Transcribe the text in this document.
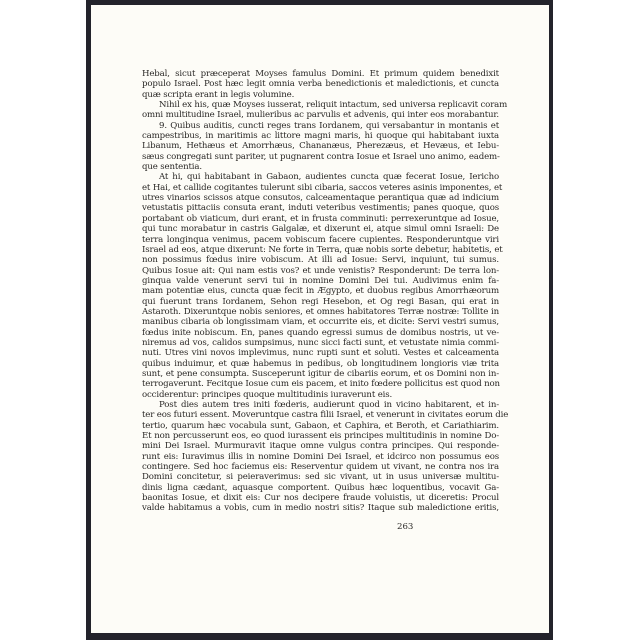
Hebal, sicut præceperat Moyses famulus Domini. Et primum quidem benedixit
populo Israel. Post hæc legit omnia verba benedictionis et maledictionis, et cuncta
quæ scripta erant in legis volumine.
Nihil ex his, quæ Moyses iusserat, reliquit intactum, sed universa replicavit coram
omni multitudine Israel, mulieribus ac parvulis et advenis, qui inter eos morabantur.
9. Quibus auditis, cuncti reges trans Iordanem, qui versabantur in montanis et
campestribus, in maritimis ac littore magni maris, hi quoque qui habitabant iuxta
Libanum, Hethæus et Amorrhæus, Chananæus, Pherezæus, et Hevæus, et Iebu-
sæus congregati sunt pariter, ut pugnarent contra Iosue et Israel uno animo, eadem-
que sententia.
At hi, qui habitabant in Gabaon, audientes cuncta quæ fecerat Iosue, Iericho
et Hai, et callide cogitantes tulerunt sibi cibaria, saccos veteres asinis imponentes, et
utres vinarios scissos atque consutos, calceamentaque perantiqua quæ ad indicium
vetustatis pittaciis consuta erant, induti veteribus vestimentis; panes quoque, quos
portabant ob viaticum, duri erant, et in frusta comminuti: perrexeruntque ad Iosue,
qui tunc morabatur in castris Galgalæ, et dixerunt ei, atque simul omni Israeli: De
terra longinqua venimus, pacem vobiscum facere cupientes. Responderuntque viri
Israel ad eos, atque dixerunt: Ne forte in Terra, quæ nobis sorte debetur, habitetis, et
non possimus fœdus inire vobiscum. At illi ad Iosue: Servi, inquiunt, tui sumus.
Quibus Iosue ait: Qui nam estis vos? et unde venistis? Responderunt: De terra lon-
ginqua valde venerunt servi tui in nomine Domini Dei tui. Audivimus enim fa-
mam potentiæ eius, cuncta quæ fecit in Ægypto, et duobus regibus Amorrhæorum
qui fuerunt trans Iordanem, Sehon regi Hesebon, et Og regi Basan, qui erat in
Astaroth. Dixeruntque nobis seniores, et omnes habitatores Terræ nostræ: Tollite in
manibus cibaria ob longissimam viam, et occurrite eis, et dicite: Servi vestri sumus,
fœdus inite nobiscum. En, panes quando egressi sumus de domibus nostris, ut ve-
niremus ad vos, calidos sumpsimus, nunc sicci facti sunt, et vetustate nimia commi-
nuti. Utres vini novos implevimus, nunc rupti sunt et soluti. Vestes et calceamenta
quibus induimur, et quæ habemus in pedibus, ob longitudinem longioris viæ trita
sunt, et pene consumpta. Susceperunt igitur de cibariis eorum, et os Domini non in-
terrogaverunt. Fecitque Iosue cum eis pacem, et inito fœdere pollicitus est quod non
occiderentur: principes quoque multitudinis iuraverunt eis.
Post dies autem tres initi fœderis, audierunt quod in vicino habitarent, et in-
ter eos futuri essent. Moveruntque castra filii Israel, et venerunt in civitates eorum die
tertio, quarum hæc vocabula sunt, Gabaon, et Caphira, et Beroth, et Cariathiarim.
Et non percusserunt eos, eo quod iurassent eis principes multitudinis in nomine Do-
mini Dei Israel. Murmuravit itaque omne vulgus contra principes. Qui responde-
runt eis: Iuravimus illis in nomine Domini Dei Israel, et idcirco non possumus eos
contingere. Sed hoc faciemus eis: Reserventur quidem ut vivant, ne contra nos ira
Domini concitetur, si peieraverimus: sed sic vivant, ut in usus universæ multitu-
dinis ligna cædant, aquasque comportent. Quibus hæc loquentibus, vocavit Ga-
baonitas Iosue, et dixit eis: Cur nos decipere fraude voluistis, ut diceretis: Procul
valde habitamus a vobis, cum in medio nostri sitis? Itaque sub maledictione eritis,
263
